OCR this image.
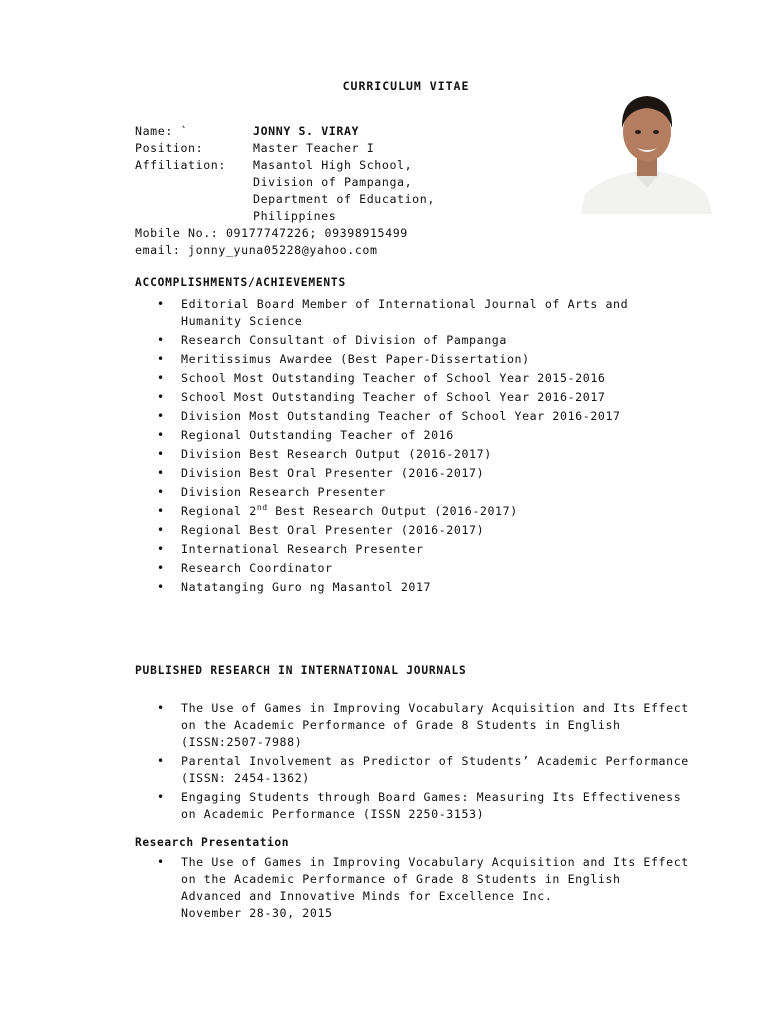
CURRICULUM VITAE
Name: `	JONNY S. VIRAY
Position:	Master Teacher I
Affiliation:	Masantol High School,
Division of Pampanga,
Department of Education,
Philippines
Mobile No.: 09177747226; 09398915499
email: jonny_yuna05228@yahoo.com
ACCOMPLISHMENTS/ACHIEVEMENTS
• Editorial Board Member of International Journal of Arts and Humanity Science
• Research Consultant of Division of Pampanga
• Meritissimus Awardee (Best Paper-Dissertation)
• School Most Outstanding Teacher of School Year 2015-2016
• School Most Outstanding Teacher of School Year 2016-2017
• Division Most Outstanding Teacher of School Year 2016-2017
• Regional Outstanding Teacher of 2016
• Division Best Research Output (2016-2017)
• Division Best Oral Presenter (2016-2017)
• Division Research Presenter
• Regional 2nd Best Research Output (2016-2017)
• Regional Best Oral Presenter (2016-2017)
• International Research Presenter
• Research Coordinator
• Natatanging Guro ng Masantol 2017
PUBLISHED RESEARCH IN INTERNATIONAL JOURNALS
• The Use of Games in Improving Vocabulary Acquisition and Its Effect on the Academic Performance of Grade 8 Students in English (ISSN:2507-7988)
• Parental Involvement as Predictor of Students’ Academic Performance (ISSN: 2454-1362)
• Engaging Students through Board Games: Measuring Its Effectiveness on Academic Performance (ISSN 2250-3153)
Research Presentation
• The Use of Games in Improving Vocabulary Acquisition and Its Effect on the Academic Performance of Grade 8 Students in English
Advanced and Innovative Minds for Excellence Inc.
November 28-30, 2015
